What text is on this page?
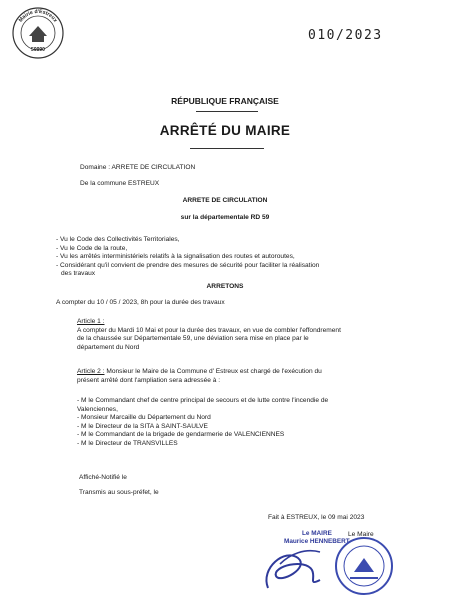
Mairie d'Estreux
59990
010/2023
RÉPUBLIQUE FRANÇAISE
ARRÊTÉ DU MAIRE
Domaine : ARRETE DE CIRCULATION
De la commune ESTREUX
ARRETE DE CIRCULATION
sur la départementale RD 59
- Vu le Code des Collectivités Territoriales,
- Vu le Code de la route,
- Vu les arrêtés interministériels relatifs à la signalisation des routes et autoroutes,
- Considérant qu'il convient de prendre des mesures de sécurité pour faciliter la réalisation
des travaux
ARRETONS
A compter du 10 / 05 / 2023, 8h pour la durée des travaux
Article 1 :
A compter du Mardi 10 Mai et pour la durée des travaux, en vue de combler l'effondrement
de la chaussée sur Départementale 59, une déviation sera mise en place par le
département du Nord
Article 2 : Monsieur le Maire de la Commune d' Estreux est chargé de l'exécution du
présent arrêté dont l'ampliation sera adressée à :
- M le Commandant chef de centre principal de secours et de lutte contre l'incendie de
Valenciennes,
- Monsieur Marcaille du Département du Nord
- M le Directeur de la SITA à SAINT-SAULVE
- M le Commandant de la brigade de gendarmerie de VALENCIENNES
- M le Directeur de TRANSVILLES
Affiché-Notifié le
Transmis au sous-préfet, le
Fait à ESTREUX, le 09 mai 2023
Le Maire
Le MAIRE
Maurice HENNEBERT
